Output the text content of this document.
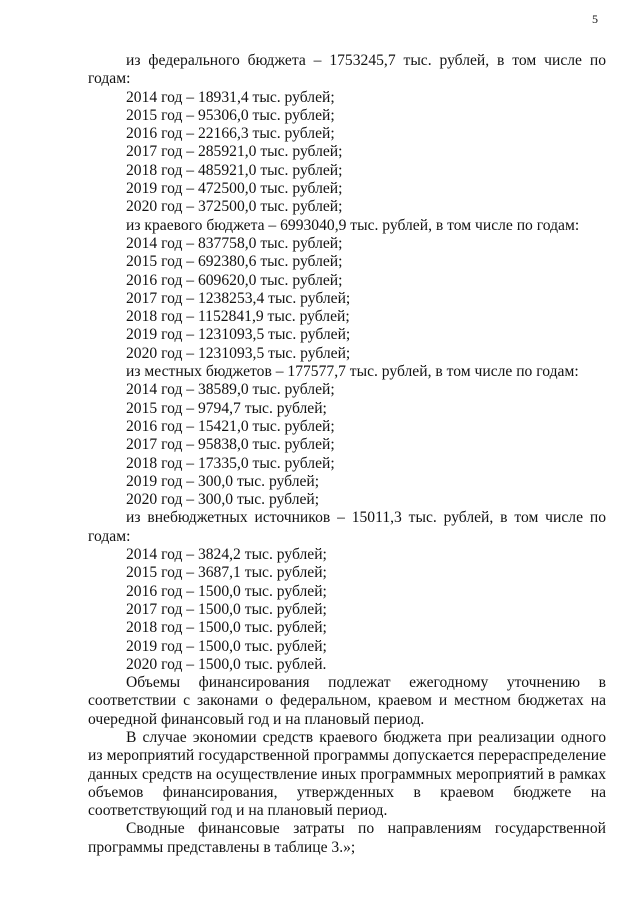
5

из федерального бюджета – 1753245,7 тыс. рублей, в том числе по годам:

2014 год – 18931,4 тыс. рублей;
2015 год – 95306,0 тыс. рублей;
2016 год – 22166,3 тыс. рублей;
2017 год – 285921,0 тыс. рублей;
2018 год – 485921,0 тыс. рублей;
2019 год – 472500,0 тыс. рублей;
2020 год – 372500,0 тыс. рублей;

из краевого бюджета – 6993040,9 тыс. рублей, в том числе по годам:

2014 год – 837758,0 тыс. рублей;
2015 год – 692380,6 тыс. рублей;
2016 год – 609620,0 тыс. рублей;
2017 год – 1238253,4 тыс. рублей;
2018 год – 1152841,9 тыс. рублей;
2019 год – 1231093,5 тыс. рублей;
2020 год – 1231093,5 тыс. рублей;

из местных бюджетов – 177577,7 тыс. рублей, в том числе по годам:

2014 год – 38589,0 тыс. рублей;
2015 год – 9794,7 тыс. рублей;
2016 год – 15421,0 тыс. рублей;
2017 год – 95838,0 тыс. рублей;
2018 год – 17335,0 тыс. рублей;
2019 год – 300,0 тыс. рублей;
2020 год – 300,0 тыс. рублей;

из внебюджетных источников – 15011,3 тыс. рублей, в том числе по годам:

2014 год – 3824,2 тыс. рублей;
2015 год – 3687,1 тыс. рублей;
2016 год – 1500,0 тыс. рублей;
2017 год – 1500,0 тыс. рублей;
2018 год – 1500,0 тыс. рублей;
2019 год – 1500,0 тыс. рублей;
2020 год – 1500,0 тыс. рублей.

Объемы финансирования подлежат ежегодному уточнению в соответствии с законами о федеральном, краевом и местном бюджетах на очередной финансовый год и на плановый период.

В случае экономии средств краевого бюджета при реализации одного из мероприятий государственной программы допускается перераспределение данных средств на осуществление иных программных мероприятий в рамках объемов финансирования, утвержденных в краевом бюджете на соответствующий год и на плановый период.

Сводные финансовые затраты по направлениям государственной программы представлены в таблице 3.»;
